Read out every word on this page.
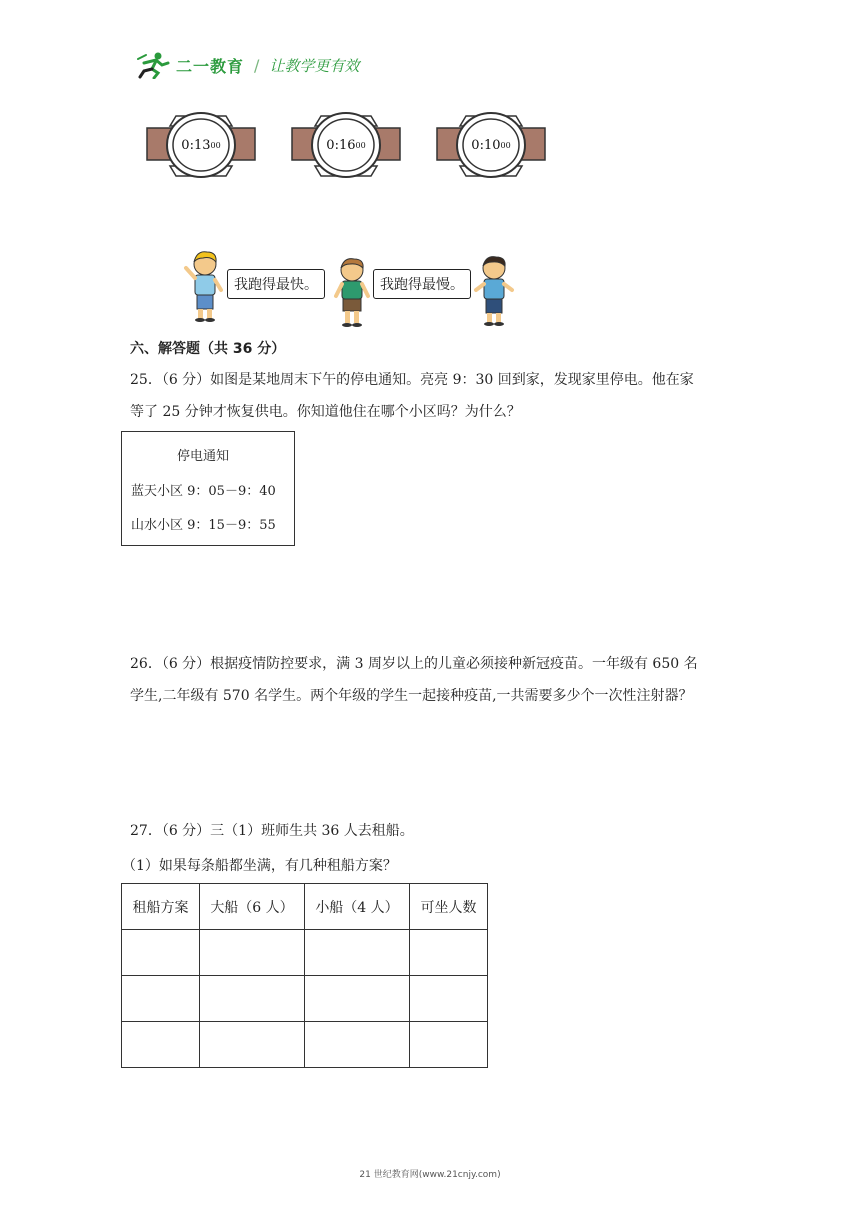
二一教育 / 让教学更有效
0:13 00	0:16 00	0:10 00
我跑得最快。	我跑得最慢。
六、解答题（共 36 分）
25．（6 分）如图是某地周末下午的停电通知。亮亮 9：30 回到家，发现家里停电。他在家
等了 25 分钟才恢复供电。你知道他住在哪个小区吗？为什么？
停电通知
蓝天小区 9：05－9：40
山水小区 9：15－9：55
26．（6 分）根据疫情防控要求，满 3 周岁以上的儿童必须接种新冠疫苗。一年级有 650 名
学生,二年级有 570 名学生。两个年级的学生一起接种疫苗,一共需要多少个一次性注射器？
27．（6 分）三（1）班师生共 36 人去租船。
（1）如果每条船都坐满，有几种租船方案？
租船方案	大船（6 人）	小船（4 人）	可坐人数

21 世纪教育网(www.21cnjy.com)
